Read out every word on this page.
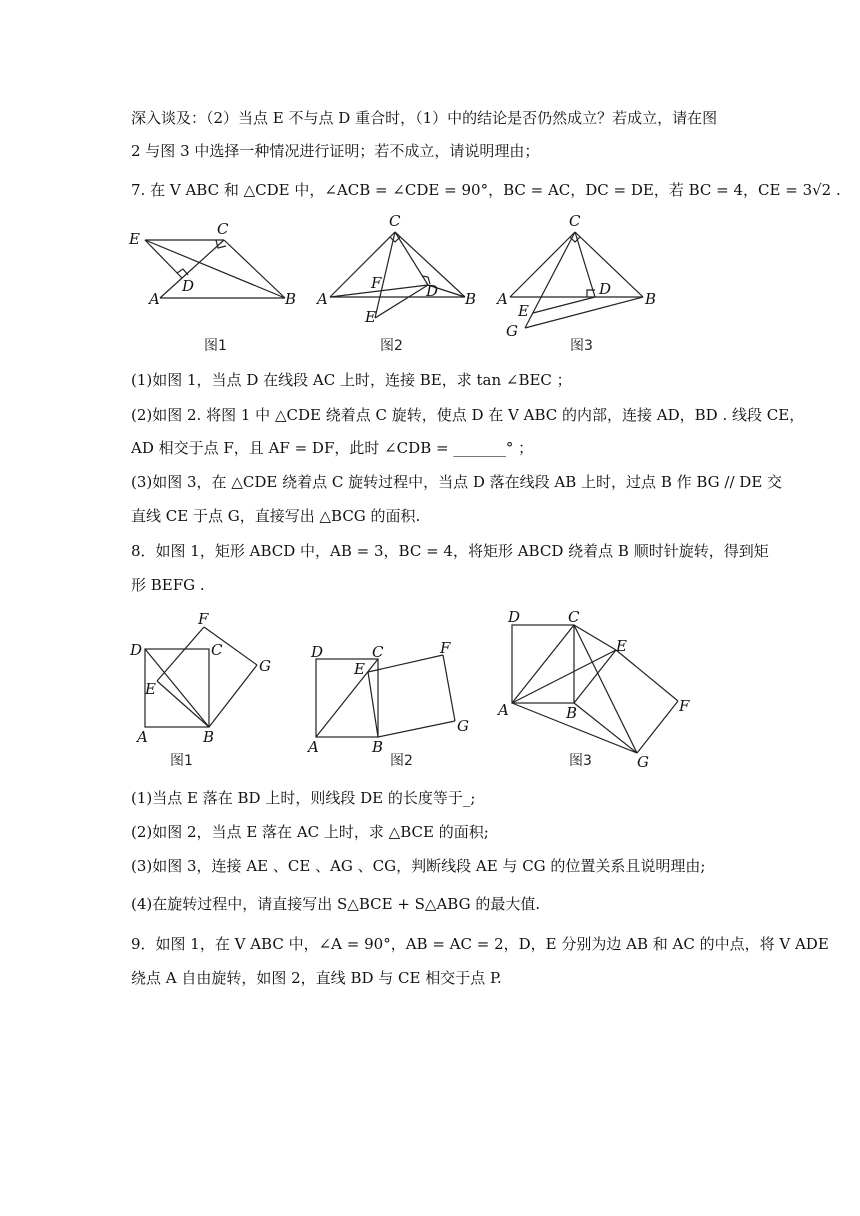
深入谈及：（2）当点 E 不与点 D 重合时，（1）中的结论是否仍然成立？若成立，请在图
2 与图 3 中选择一种情况进行证明；若不成立，请说明理由；
7. 在 V ABC 和 △CDE 中，∠ACB = ∠CDE = 90°，BC = AC，DC = DE，若 BC = 4，CE = 3√2 .
E
C
D
A	B
C
F	D
A	B
E
C
D
A	B
E
G
图1	图2	图3
(1)如图 1，当点 D 在线段 AC 上时，连接 BE，求 tan ∠BEC ；
(2)如图 2. 将图 1 中 △CDE 绕着点 C 旋转，使点 D 在 V ABC 的内部，连接 AD，BD . 线段 CE，
AD 相交于点 F，且 AF = DF，此时 ∠CDB = _______° ；
(3)如图 3，在 △CDE 绕着点 C 旋转过程中，当点 D 落在线段 AB 上时，过点 B 作 BG // DE 交
直线 CE 于点 G，直接写出 △BCG 的面积.
8．如图 1，矩形 ABCD 中，AB = 3，BC = 4，将矩形 ABCD 绕着点 B 顺时针旋转，得到矩
形 BEFG .
F
D	C
G
E
A	B
D	C	F
E
A	B
G
D	C
E
A	B	F
G
图1	图2	图3
(1)当点 E 落在 BD 上时，则线段 DE 的长度等于_;
(2)如图 2，当点 E 落在 AC 上时，求 △BCE 的面积;
(3)如图 3，连接 AE 、CE 、AG 、CG，判断线段 AE 与 CG 的位置关系且说明理由;
(4)在旋转过程中，请直接写出 S△BCE + S△ABG 的最大值.
9．如图 1，在 V ABC 中，∠A = 90°，AB = AC = 2，D，E 分别为边 AB 和 AC 的中点，将 V ADE
绕点 A 自由旋转，如图 2，直线 BD 与 CE 相交于点 P.
